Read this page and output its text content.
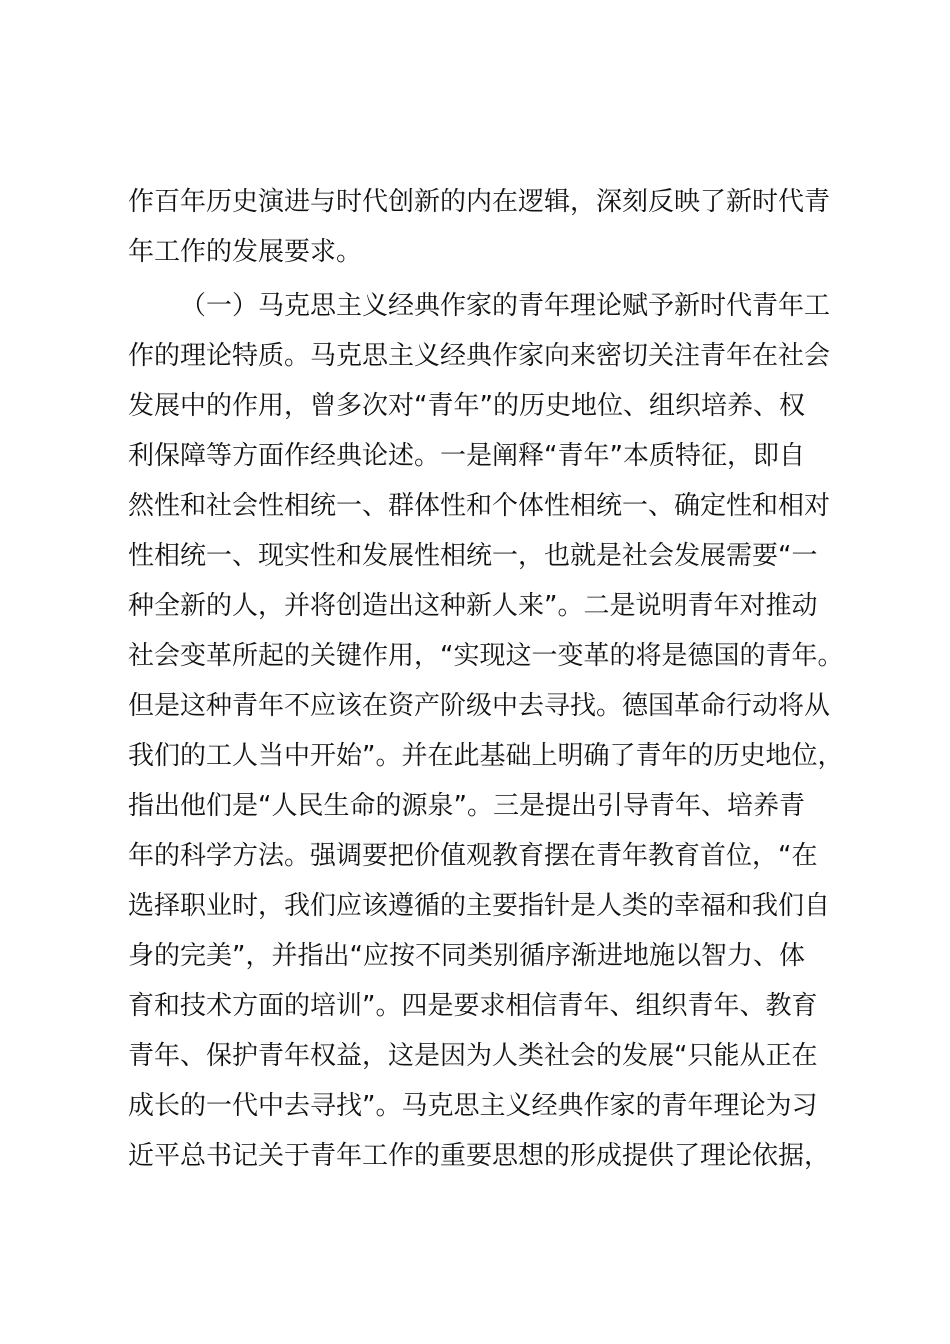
作百年历史演进与时代创新的内在逻辑，深刻反映了新时代青
年工作的发展要求。
（一）马克思主义经典作家的青年理论赋予新时代青年工
作的理论特质。马克思主义经典作家向来密切关注青年在社会
发展中的作用，曾多次对“青年”的历史地位、组织培养、权
利保障等方面作经典论述。一是阐释“青年”本质特征，即自
然性和社会性相统一、群体性和个体性相统一、确定性和相对
性相统一、现实性和发展性相统一，也就是社会发展需要“一
种全新的人，并将创造出这种新人来”。二是说明青年对推动
社会变革所起的关键作用，“实现这一变革的将是德国的青年。
但是这种青年不应该在资产阶级中去寻找。德国革命行动将从
我们的工人当中开始”。并在此基础上明确了青年的历史地位，
指出他们是“人民生命的源泉”。三是提出引导青年、培养青
年的科学方法。强调要把价值观教育摆在青年教育首位，“在
选择职业时，我们应该遵循的主要指针是人类的幸福和我们自
身的完美”，并指出“应按不同类别循序渐进地施以智力、体
育和技术方面的培训”。四是要求相信青年、组织青年、教育
青年、保护青年权益，这是因为人类社会的发展“只能从正在
成长的一代中去寻找”。马克思主义经典作家的青年理论为习
近平总书记关于青年工作的重要思想的形成提供了理论依据，
